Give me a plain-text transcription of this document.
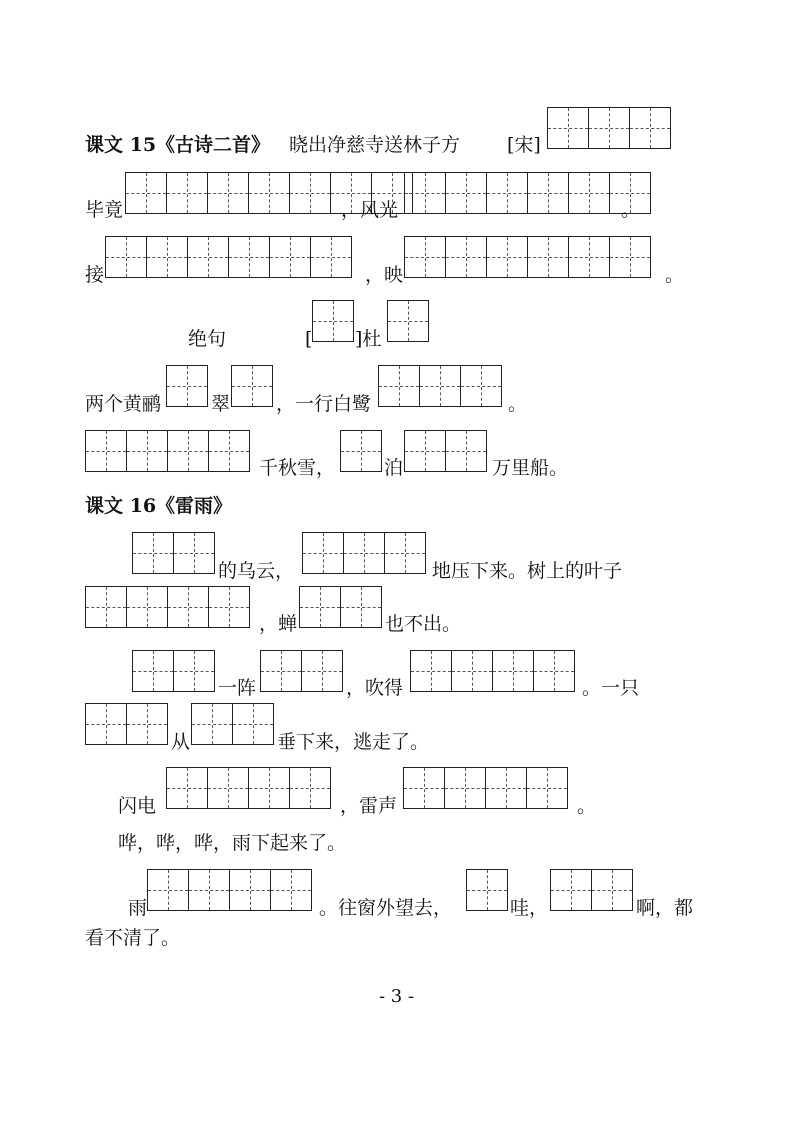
课文 15《古诗二首》 晓出净慈寺送林子方 [宋]
毕竟	，风光	。
接	，映	。
绝句	[ ]杜
两个黄鹂	翠 ，一行白鹭	。
千秋雪，	泊	万里船。
课文 16《雷雨》
的乌云，	地压下来。树上的叶子
，蝉	也不出。
一阵	，吹得	。一只
从	垂下来，逃走了。
闪电	，雷声	。
哗，哗，哗，雨下起来了。
雨	。往窗外望去，	哇，	啊，都
看不清了。
- 3 -
